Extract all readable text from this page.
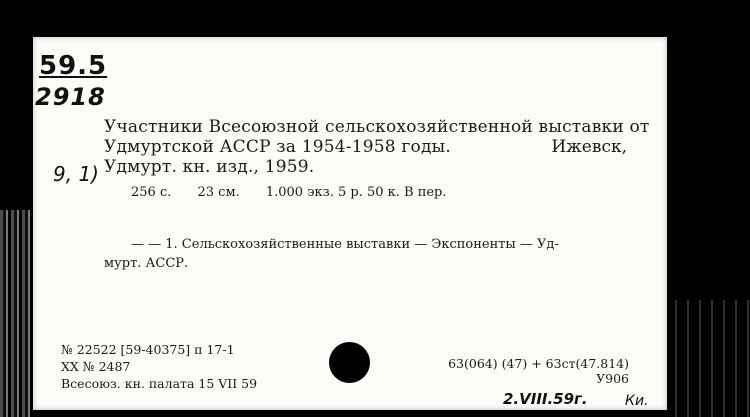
59.5
2918
9, 1)
Участники Всесоюзной сельскохозяйственной выставки от
Удмуртской АССР за 1954-1958 годы.	Ижевск,
Удмурт. кн. изд., 1959.
256 с. 23 см. 1.000 экз. 5 р. 50 к. В пер.
— — 1. Сельскохозяйственные выставки — Экспоненты — Уд-
мурт. АССР.
№ 22522 [59-40375] п 17-1
XX № 2487
Всесоюз. кн. палата 15 VII 59
63(064) (47) + 63ст(47.814)
У906
2.VIII.59г.	Ки.
